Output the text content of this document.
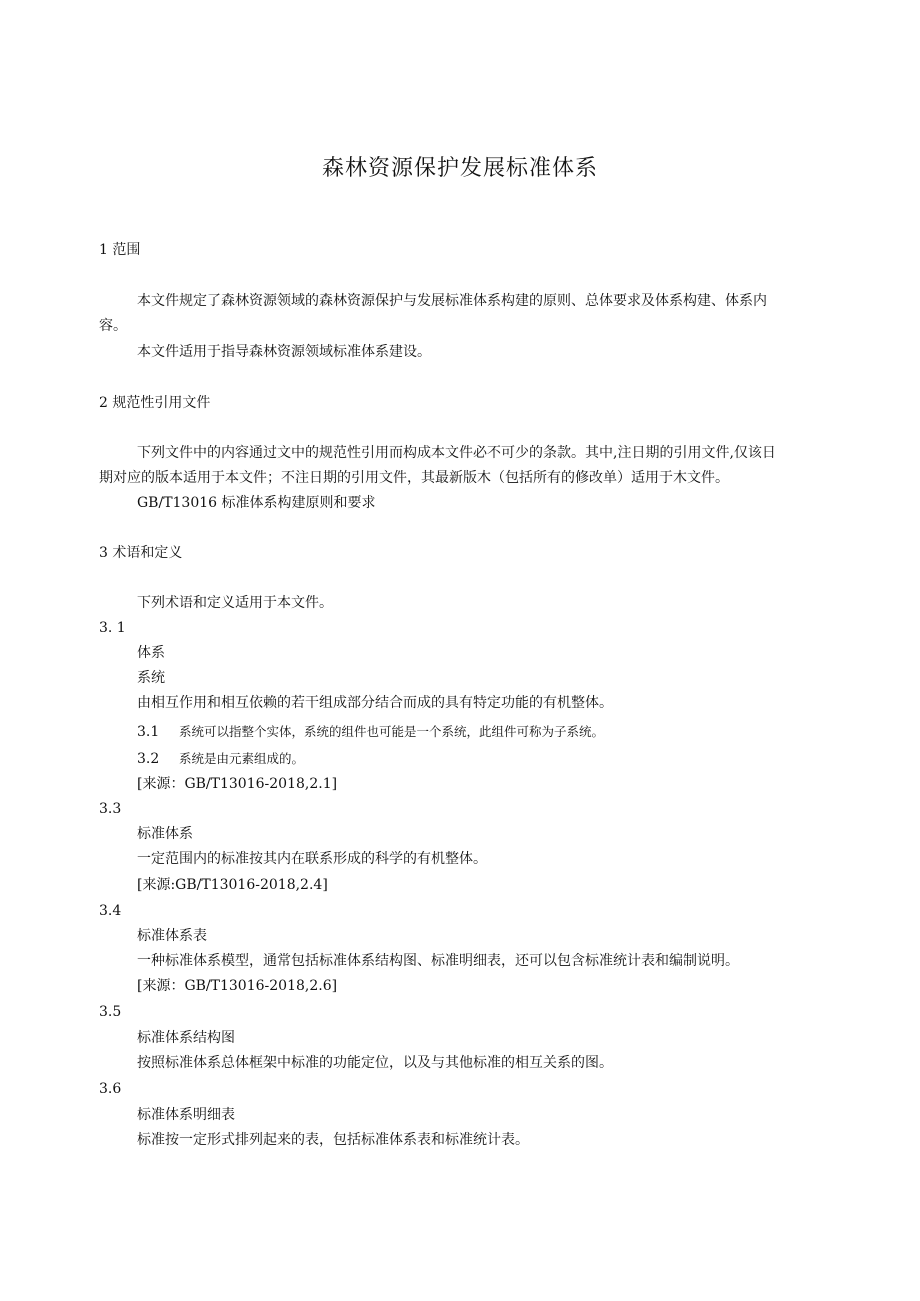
森林资源保护发展标准体系
1 范围
本文件规定了森林资源领域的森林资源保护与发展标准体系构建的原则、总体要求及体系构建、体系内
容。
本文件适用于指导森林资源领域标准体系建设。
2 规范性引用文件
下列文件中的内容通过文中的规范性引用而构成本文件必不可少的条款。其中,注日期的引用文件,仅该日
期对应的版本适用于本文件；不注日期的引用文件，其最新版木（包括所有的修改单）适用于木文件。
GB/T13016 标准体系构建原则和要求
3 术语和定义
下列术语和定义适用于本文件。
3. 1
体系
系统
由相互作用和相互依赖的若干组成部分结合而成的具有特定功能的有机整体。
3.1 系统可以指整个实体，系统的组件也可能是一个系统，此组件可称为子系统。
3.2 系统是由元素组成的。
[来源：GB/T13016-2018,2.1]
3.3
标准体系
一定范围内的标准按其内在联系形成的科学的有机整体。
[来源:GB/T13016-2018,2.4]
3.4
标准体系表
一种标准体系模型，通常包括标准体系结构图、标准明细表，还可以包含标准统计表和编制说明。
[来源：GB/T13016-2018,2.6]
3.5
标准体系结构图
按照标准体系总体框架中标准的功能定位，以及与其他标准的相互关系的图。
3.6
标准体系明细表
标准按一定形式排列起来的表，包括标准体系表和标准统计表。
